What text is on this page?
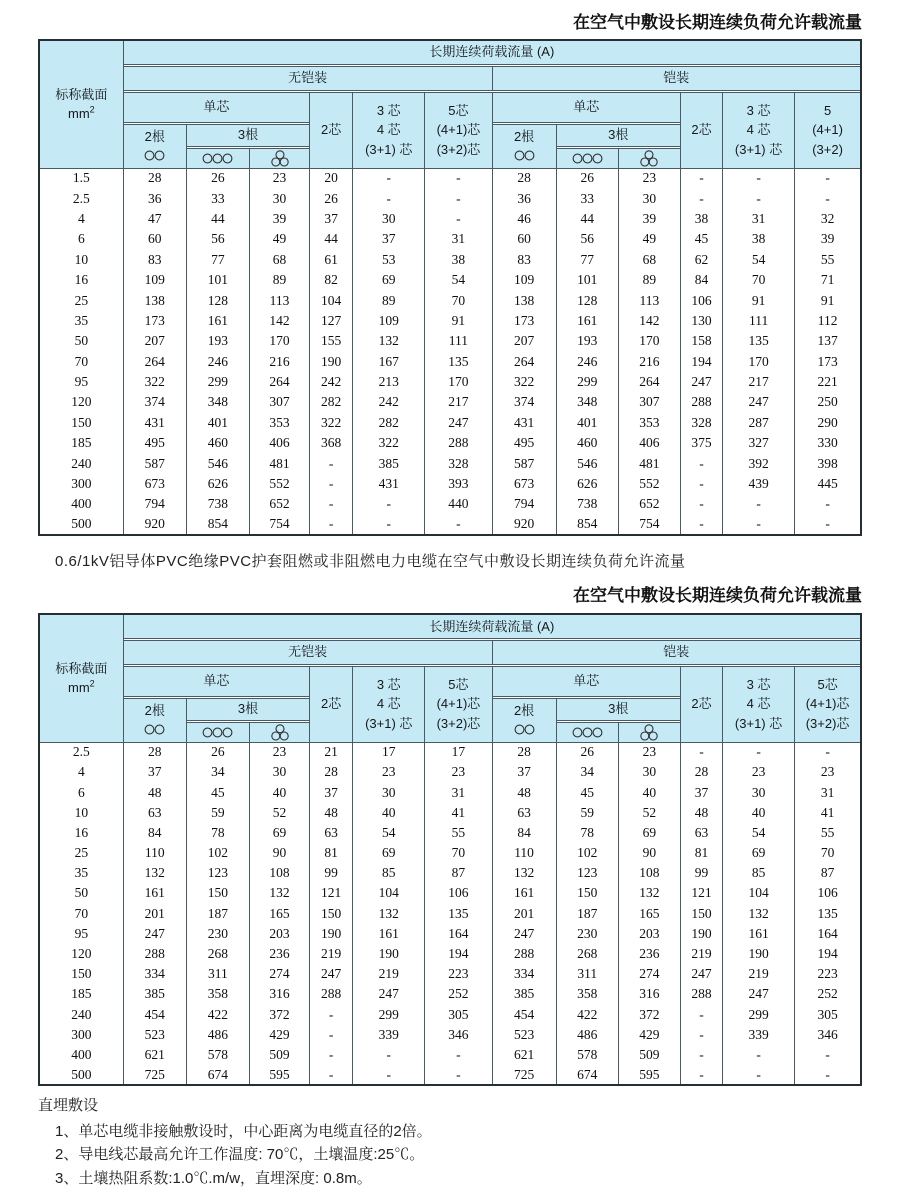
在空气中敷设长期连续负荷允许载流量
标称截面
$mm^2$	长期连续荷载流量 (A)											

	无铠装						铠装					

	单芯			2芯	3 芯
4 芯
(3+1) 芯	5芯
(4+1)芯
(3+2)芯	单芯			2芯	3 芯
4 芯
(3+1) 芯	5
(4+1)
(3+2)

	2根	3根					2根	3根				

1.5	28	26	23	20	-	-	28	26	23	-	-	-
2.5	36	33	30	26	-	-	36	33	30	-	-	-
4	47	44	39	37	30	-	46	44	39	38	31	32
6	60	56	49	44	37	31	60	56	49	45	38	39
10	83	77	68	61	53	38	83	77	68	62	54	55
16	109	101	89	82	69	54	109	101	89	84	70	71
25	138	128	113	104	89	70	138	128	113	106	91	91
35	173	161	142	127	109	91	173	161	142	130	111	112
50	207	193	170	155	132	111	207	193	170	158	135	137
70	264	246	216	190	167	135	264	246	216	194	170	173
95	322	299	264	242	213	170	322	299	264	247	217	221
120	374	348	307	282	242	217	374	348	307	288	247	250
150	431	401	353	322	282	247	431	401	353	328	287	290
185	495	460	406	368	322	288	495	460	406	375	327	330
240	587	546	481	-	385	328	587	546	481	-	392	398
300	673	626	552	-	431	393	673	626	552	-	439	445
400	794	738	652	-	-	440	794	738	652	-	-	-
500	920	854	754	-	-	-	920	854	754	-	-	-
0.6/1kV铝导体PVC绝缘PVC护套阻燃或非阻燃电力电缆在空气中敷设长期连续负荷允许流量
在空气中敷设长期连续负荷允许载流量
标称截面
$mm^2$	长期连续荷载流量 (A)											

	无铠装						铠装					

	单芯			2芯	3 芯
4 芯
(3+1) 芯	5芯
(4+1)芯
(3+2)芯	单芯			2芯	3 芯
4 芯
(3+1) 芯	5芯
(4+1)芯
(3+2)芯

	2根	3根					2根	3根				

2.5	28	26	23	21	17	17	28	26	23	-	-	-
4	37	34	30	28	23	23	37	34	30	28	23	23
6	48	45	40	37	30	31	48	45	40	37	30	31
10	63	59	52	48	40	41	63	59	52	48	40	41
16	84	78	69	63	54	55	84	78	69	63	54	55
25	110	102	90	81	69	70	110	102	90	81	69	70
35	132	123	108	99	85	87	132	123	108	99	85	87
50	161	150	132	121	104	106	161	150	132	121	104	106
70	201	187	165	150	132	135	201	187	165	150	132	135
95	247	230	203	190	161	164	247	230	203	190	161	164
120	288	268	236	219	190	194	288	268	236	219	190	194
150	334	311	274	247	219	223	334	311	274	247	219	223
185	385	358	316	288	247	252	385	358	316	288	247	252
240	454	422	372	-	299	305	454	422	372	-	299	305
300	523	486	429	-	339	346	523	486	429	-	339	346
400	621	578	509	-	-	-	621	578	509	-	-	-
500	725	674	595	-	-	-	725	674	595	-	-	-
直埋敷设
1、单芯电缆非接触敷设时，中心距离为电缆直径的2倍。
2、导电线芯最高允许工作温度: 70℃，土壤温度:25℃。
3、土壤热阻系数:1.0℃.m/w，直埋深度: 0.8m。
